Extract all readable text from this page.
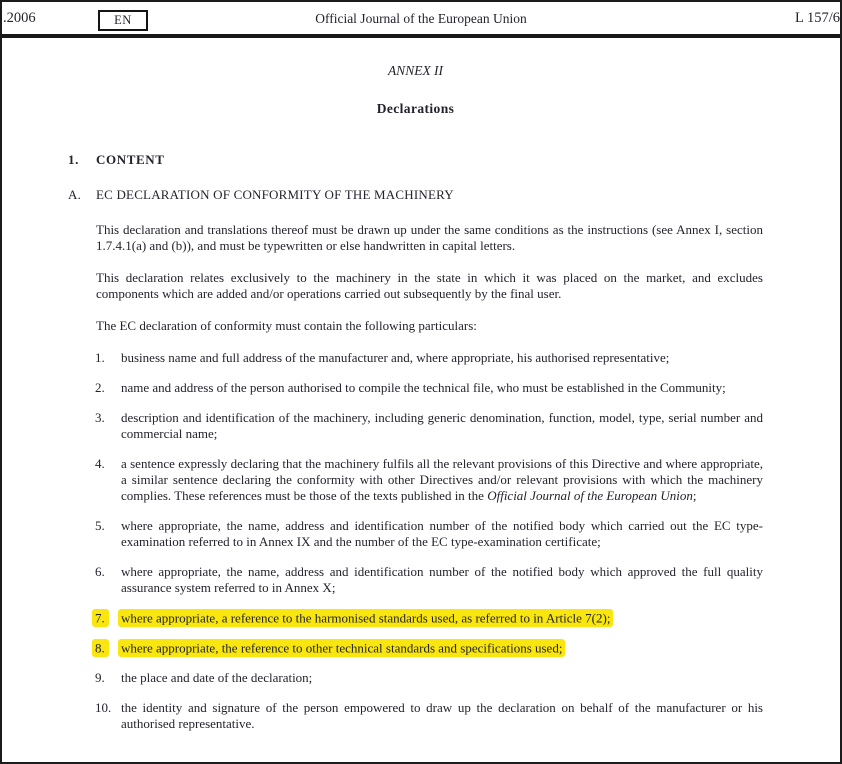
.2006	EN	Official Journal of the European Union	L 157/6
ANNEX II
Declarations
1.	CONTENT
A.	EC DECLARATION OF CONFORMITY OF THE MACHINERY
This declaration and translations thereof must be drawn up under the same conditions as the instructions (see Annex I, section 1.7.4.1(a) and (b)), and must be typewritten or else handwritten in capital letters.
This declaration relates exclusively to the machinery in the state in which it was placed on the market, and excludes components which are added and/or operations carried out subsequently by the final user.
The EC declaration of conformity must contain the following particulars:
1.	business name and full address of the manufacturer and, where appropriate, his authorised representative;
2.	name and address of the person authorised to compile the technical file, who must be established in the Community;
3.	description and identification of the machinery, including generic denomination, function, model, type, serial number and commercial name;
4.	a sentence expressly declaring that the machinery fulfils all the relevant provisions of this Directive and where appropriate, a similar sentence declaring the conformity with other Directives and/or relevant provisions with which the machinery complies. These references must be those of the texts published in the Official Journal of the European Union;
5.	where appropriate, the name, address and identification number of the notified body which carried out the EC type-examination referred to in Annex IX and the number of the EC type-examination certificate;
6.	where appropriate, the name, address and identification number of the notified body which approved the full quality assurance system referred to in Annex X;
7.	where appropriate, a reference to the harmonised standards used, as referred to in Article 7(2);
8.	where appropriate, the reference to other technical standards and specifications used;
9.	the place and date of the declaration;
10. the identity and signature of the person empowered to draw up the declaration on behalf of the manufacturer or his authorised representative.
